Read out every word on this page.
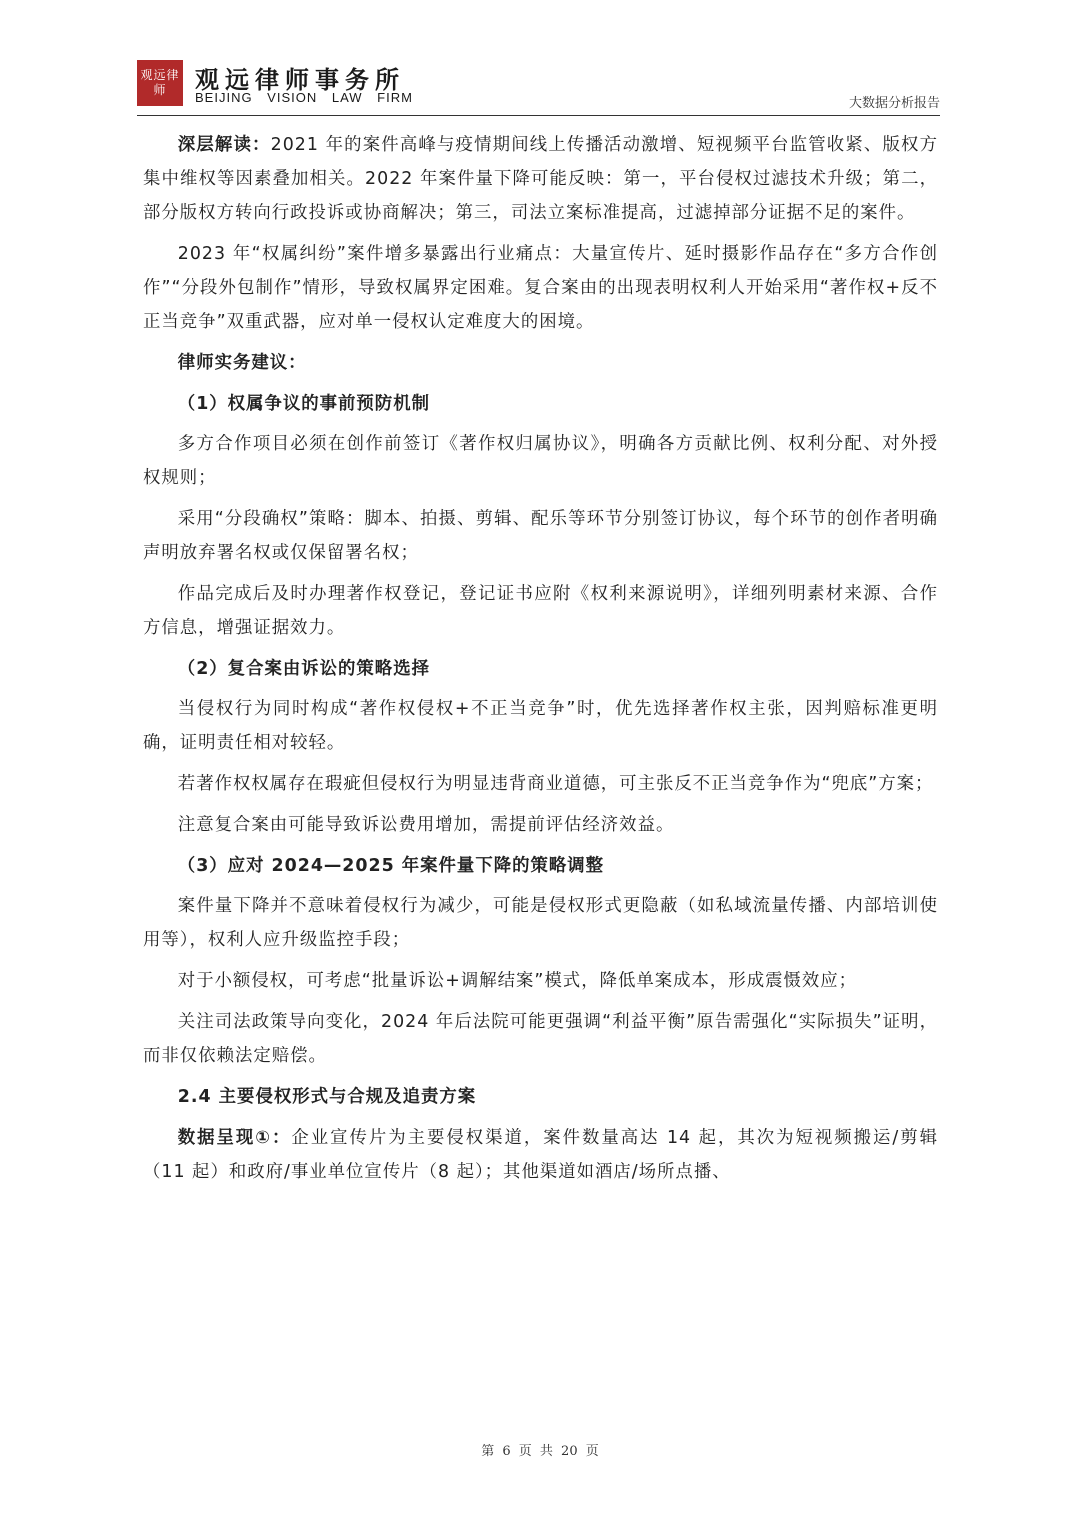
观远律师	观远律师事务所
BEIJING VISION LAW FIRM	大数据分析报告

深层解读：2021 年的案件高峰与疫情期间线上传播活动激增、短视频平台监管收紧、版权方集中维权等因素叠加相关。2022 年案件量下降可能反映：第一，平台侵权过滤技术升级；第二，部分版权方转向行政投诉或协商解决；第三，司法立案标准提高，过滤掉部分证据不足的案件。

2023 年“权属纠纷”案件增多暴露出行业痛点：大量宣传片、延时摄影作品存在“多方合作创作”“分段外包制作”情形，导致权属界定困难。复合案由的出现表明权利人开始采用“著作权+反不正当竞争”双重武器，应对单一侵权认定难度大的困境。

律师实务建议：

（1）权属争议的事前预防机制

多方合作项目必须在创作前签订《著作权归属协议》，明确各方贡献比例、权利分配、对外授权规则；

采用“分段确权”策略：脚本、拍摄、剪辑、配乐等环节分别签订协议，每个环节的创作者明确声明放弃署名权或仅保留署名权；

作品完成后及时办理著作权登记，登记证书应附《权利来源说明》，详细列明素材来源、合作方信息，增强证据效力。

（2）复合案由诉讼的策略选择

当侵权行为同时构成“著作权侵权+不正当竞争”时，优先选择著作权主张，因判赔标准更明确，证明责任相对较轻。

若著作权权属存在瑕疵但侵权行为明显违背商业道德，可主张反不正当竞争作为“兜底”方案；

注意复合案由可能导致诉讼费用增加，需提前评估经济效益。

（3）应对 2024—2025 年案件量下降的策略调整

案件量下降并不意味着侵权行为减少，可能是侵权形式更隐蔽（如私域流量传播、内部培训使用等），权利人应升级监控手段；

对于小额侵权，可考虑“批量诉讼+调解结案”模式，降低单案成本，形成震慑效应；

关注司法政策导向变化，2024 年后法院可能更强调“利益平衡”原告需强化“实际损失”证明，而非仅依赖法定赔偿。

2.4 主要侵权形式与合规及追责方案

数据呈现①：企业宣传片为主要侵权渠道，案件数量高达 14 起，其次为短视频搬运/剪辑（11 起）和政府/事业单位宣传片（8 起）；其他渠道如酒店/场所点播、

第 6 页 共 20 页
